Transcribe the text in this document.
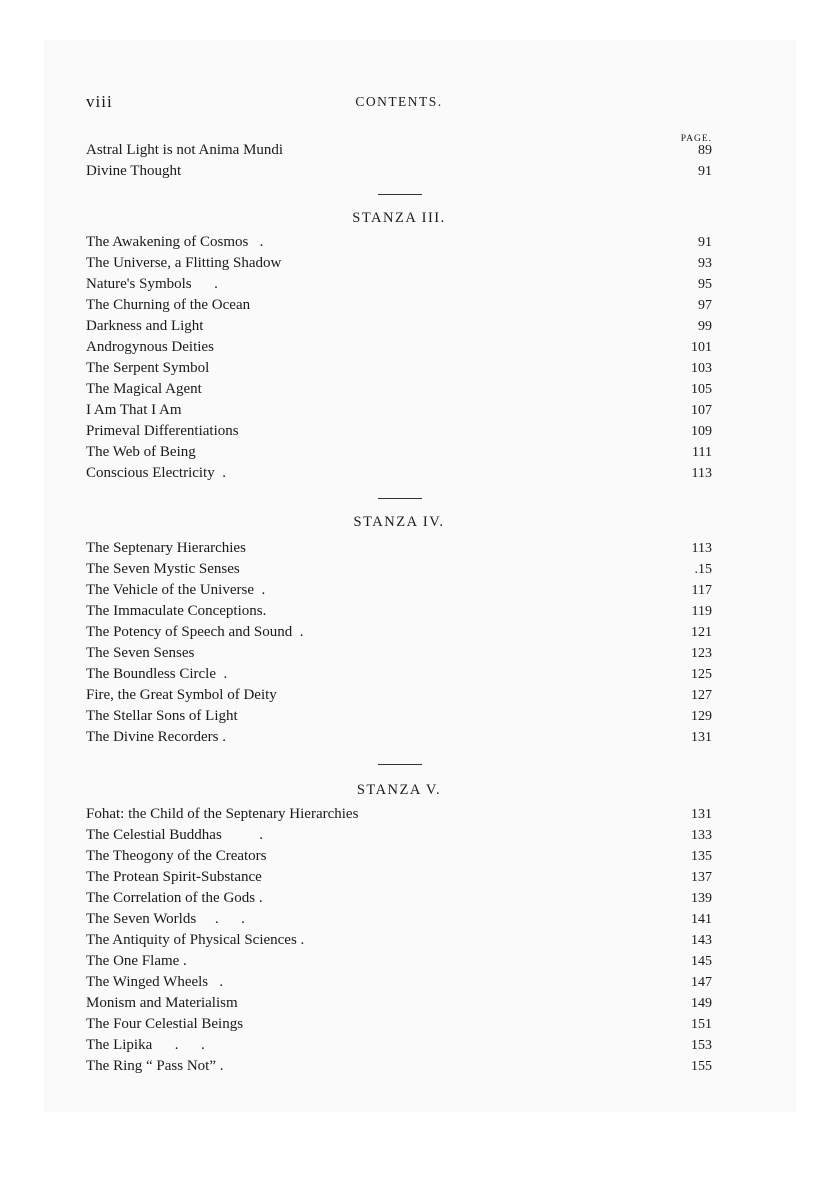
viii	CONTENTS.
PAGE.
Astral Light is not Anima Mundi	89
Divine Thought	91
STANZA III.
The Awakening of Cosmos   .	91
The Universe, a Flitting Shadow	93
Nature's Symbols      .	95
The Churning of the Ocean	97
Darkness and Light	99
Androgynous Deities	101
The Serpent Symbol	103
The Magical Agent	105
I Am That I Am	107
Primeval Differentiations	109
The Web of Being	111
Conscious Electricity  .	113
STANZA IV.
The Septenary Hierarchies	113
The Seven Mystic Senses	.15
The Vehicle of the Universe  .	117
The Immaculate Conceptions.	119
The Potency of Speech and Sound  .	121
The Seven Senses	123
The Boundless Circle  .	125
Fire, the Great Symbol of Deity	127
The Stellar Sons of Light	129
The Divine Recorders .	131
STANZA V.
Fohat: the Child of the Septenary Hierarchies	131
The Celestial Buddhas          .	133
The Theogony of the Creators	135
The Protean Spirit-Substance	137
The Correlation of the Gods .	139
The Seven Worlds     .      .	141
The Antiquity of Physical Sciences .	143
The One Flame .	145
The Winged Wheels   .	147
Monism and Materialism	149
The Four Celestial Beings	151
The Lipika      .      .	153
The Ring “ Pass Not” .	155
